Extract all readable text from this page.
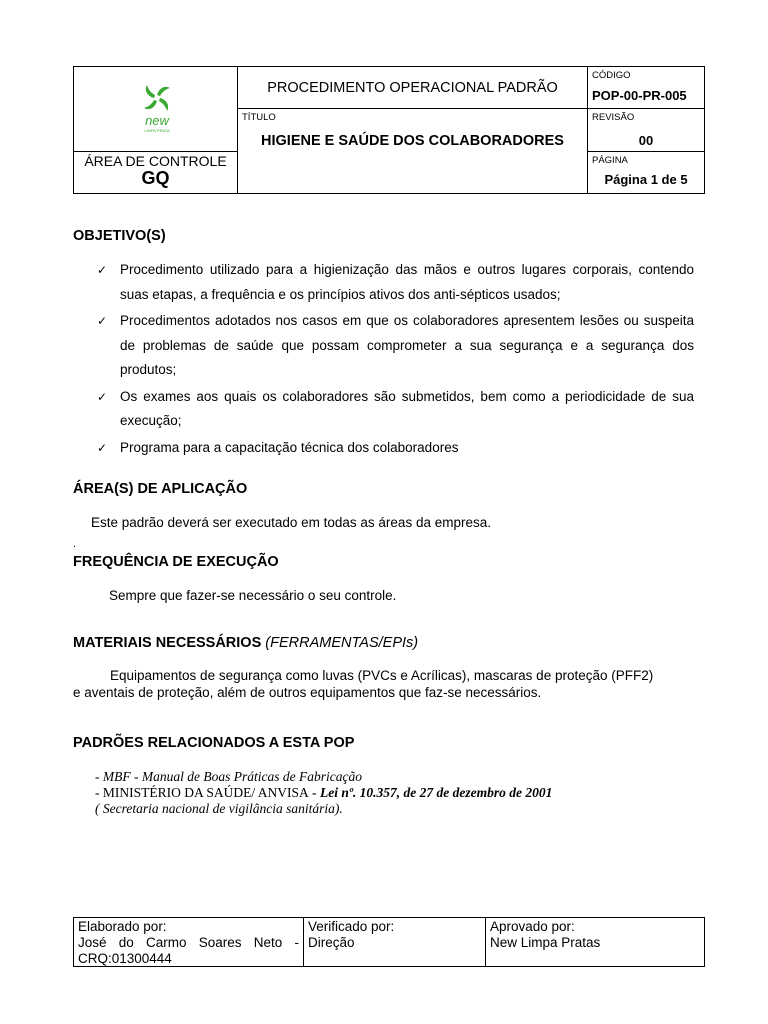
new
LIMPA PRATA
PROCEDIMENTO OPERACIONAL PADRÃO
TÍTULO
HIGIENE E SAÚDE DOS COLABORADORES
CÓDIGO
POP-00-PR-005
REVISÃO
00
PÁGINA
Página 1 de 5
ÁREA DE CONTROLE
GQ
OBJETIVO(S)
✓ Procedimento utilizado para a higienização das mãos e outros lugares corporais, contendo suas etapas, a frequência e os princípios ativos dos anti-sépticos usados;
✓ Procedimentos adotados nos casos em que os colaboradores apresentem lesões ou suspeita de problemas de saúde que possam comprometer a sua segurança e a segurança dos produtos;
✓ Os exames aos quais os colaboradores são submetidos, bem como a periodicidade de sua execução;
✓ Programa para a capacitação técnica dos colaboradores
ÁREA(S) DE APLICAÇÃO
Este padrão deverá ser executado em todas as áreas da empresa.
.
FREQUÊNCIA DE EXECUÇÃO
Sempre que fazer-se necessário o seu controle.
MATERIAIS NECESSÁRIOS (FERRAMENTAS/EPIs)
Equipamentos de segurança como luvas (PVCs e Acrílicas), mascaras de proteção (PFF2)
e aventais de proteção, além de outros equipamentos que faz-se necessários.
PADRÕES RELACIONADOS A ESTA POP
- MBF - Manual de Boas Práticas de Fabricação
- MINISTÉRIO DA SAÚDE/ ANVISA - Lei nº. 10.357, de 27 de dezembro de 2001
( Secretaria nacional de vigilância sanitária).
Elaborado por:
José do Carmo Soares Neto -
CRQ:01300444
Verificado por:
Direção
Aprovado por:
New Limpa Pratas
